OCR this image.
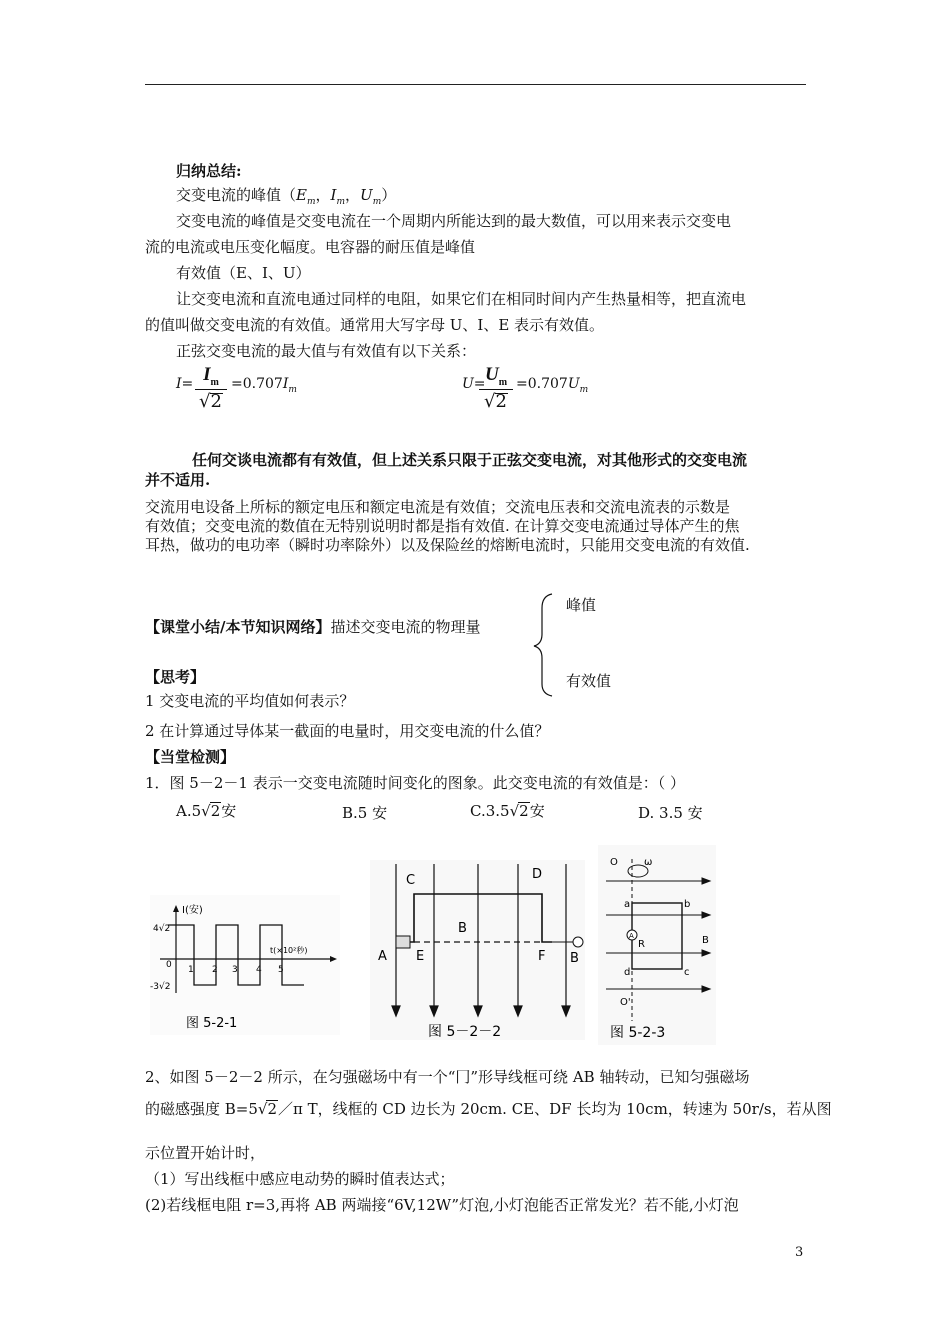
归纳总结:
交变电流的峰值（$E_m$，$I_m$，$U_m$）
交变电流的峰值是交变电流在一个周期内所能达到的最大数值，可以用来表示交变电
流的电流或电压变化幅度。电容器的耐压值是峰值
有效值（E、I、U）
让交变电流和直流电通过同样的电阻，如果它们在相同时间内产生热量相等，把直流电
的值叫做交变电流的有效值。通常用大写字母 U、I、E 表示有效值。
正弦交变电流的最大值与有效值有以下关系：
$I= I_m$
√2
$=0.707I_m$	$U= U_m$
√2
$=0.707U_m$
任何交谈电流都有有效值，但上述关系只限于正弦交变电流，对其他形式的交变电流
并不适用.
交流用电设备上所标的额定电压和额定电流是有效值；交流电压表和交流电流表的示数是
有效值；交变电流的数值在无特别说明时都是指有效值. 在计算交变电流通过导体产生的焦
耳热，做功的电功率（瞬时功率除外）以及保险丝的熔断电流时，只能用交变电流的有效值.
【课堂小结/本节知识网络】描述交变电流的物理量
峰值
有效值
【思考】
1 交变电流的平均值如何表示？
2 在计算通过导体某一截面的电量时，用交变电流的什么值？
【当堂检测】
1．图 5－2－1 表示一交变电流随时间变化的图象。此交变电流的有效值是：（ ）
A.5√2安	B.5 安	C.3.5√2安	D. 3.5 安
I(安)
t(×10²秒)
4√2
-3√2
0 1 2 3 4 5
图 5-2-1
C	D
B
A E	F B
图 5－2－2
O	ω
A
a	b
R	B
d	c
O'
图 5-2-3
2、如图 5－2－2 所示，在匀强磁场中有一个“冂”形导线框可绕 AB 轴转动，已知匀强磁场
的磁感强度 B=5√2／π T，线框的 CD 边长为 20cm. CE、DF 长均为 10cm，转速为 50r/s，若从图
示位置开始计时，
（1）写出线框中感应电动势的瞬时值表达式；
(2)若线框电阻 r=3,再将 AB 两端接“6V,12W”灯泡,小灯泡能否正常发光？若不能,小灯泡
3
